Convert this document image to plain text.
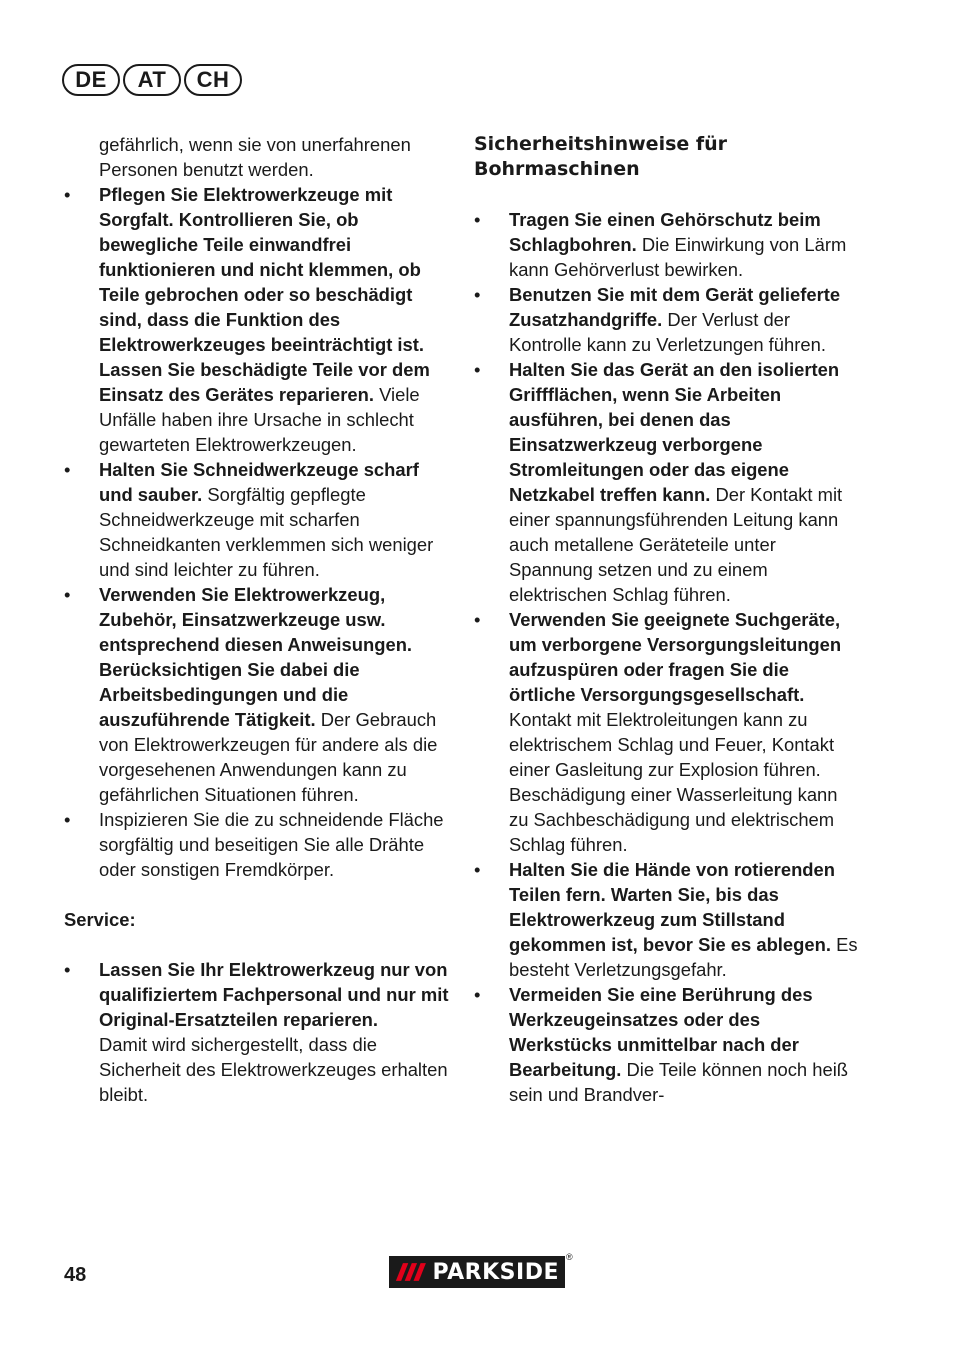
DE	AT	CH

gefährlich, wenn sie von unerfahrenen Personen benutzt werden.

•	Pflegen Sie Elektrowerkzeuge mit Sorgfalt. Kontrollieren Sie, ob bewegliche Teile einwandfrei funktionieren und nicht klemmen, ob Teile gebrochen oder so beschädigt sind, dass die Funktion des Elektrowerkzeuges beeinträchtigt ist. Lassen Sie beschädigte Teile vor dem Einsatz des Gerätes reparieren. Viele Unfälle haben ihre Ursache in schlecht gewarteten Elektrowerkzeugen.
•	Halten Sie Schneidwerkzeuge scharf und sauber. Sorgfältig gepflegte Schneidwerkzeuge mit scharfen Schneidkanten verklemmen sich weniger und sind leichter zu führen.
•	Verwenden Sie Elektrowerkzeug, Zubehör, Einsatzwerkzeuge usw. entsprechend diesen Anweisungen. Berücksichtigen Sie dabei die Arbeitsbedingungen und die auszuführende Tätigkeit. Der Gebrauch von Elektrowerkzeugen für andere als die vorgesehenen Anwendungen kann zu gefährlichen Situationen führen.
•	Inspizieren Sie die zu schneidende Fläche sorgfältig und beseitigen Sie alle Drähte oder sonstigen Fremdkörper.

Service:

•	Lassen Sie Ihr Elektrowerkzeug nur von qualifiziertem Fachpersonal und nur mit Original-Ersatzteilen reparieren.
Damit wird sichergestellt, dass die Sicherheit des Elektrowerkzeuges erhalten bleibt.

Sicherheitshinweise für Bohrmaschinen

•	Tragen Sie einen Gehörschutz beim Schlagbohren. Die Einwirkung von Lärm kann Gehörverlust bewirken.
•	Benutzen Sie mit dem Gerät gelieferte Zusatzhandgriffe. Der Verlust der Kontrolle kann zu Verletzungen führen.
•	Halten Sie das Gerät an den isolierten Griffflächen, wenn Sie Arbeiten ausführen, bei denen das Einsatzwerkzeug verborgene Stromleitungen oder das eigene Netzkabel treffen kann. Der Kontakt mit einer spannungsführenden Leitung kann auch metallene Geräteteile unter Spannung setzen und zu einem elektrischen Schlag führen.
•	Verwenden Sie geeignete Suchgeräte, um verborgene Versorgungsleitungen aufzuspüren oder fragen Sie die örtliche Versorgungsgesellschaft. Kontakt mit Elektroleitungen kann zu elektrischem Schlag und Feuer, Kontakt einer Gasleitung zur Explosion führen. Beschädigung einer Wasserleitung kann zu Sachbeschädigung und elektrischem Schlag führen.
•	Halten Sie die Hände von rotierenden Teilen fern. Warten Sie, bis das Elektrowerkzeug zum Stillstand gekommen ist, bevor Sie es ablegen. Es besteht Verletzungsgefahr.
•	Vermeiden Sie eine Berührung des Werkzeugeinsatzes oder des Werkstücks unmittelbar nach der Bearbeitung. Die Teile können noch heiß sein und Brandver-
48	PARKSIDE
®
